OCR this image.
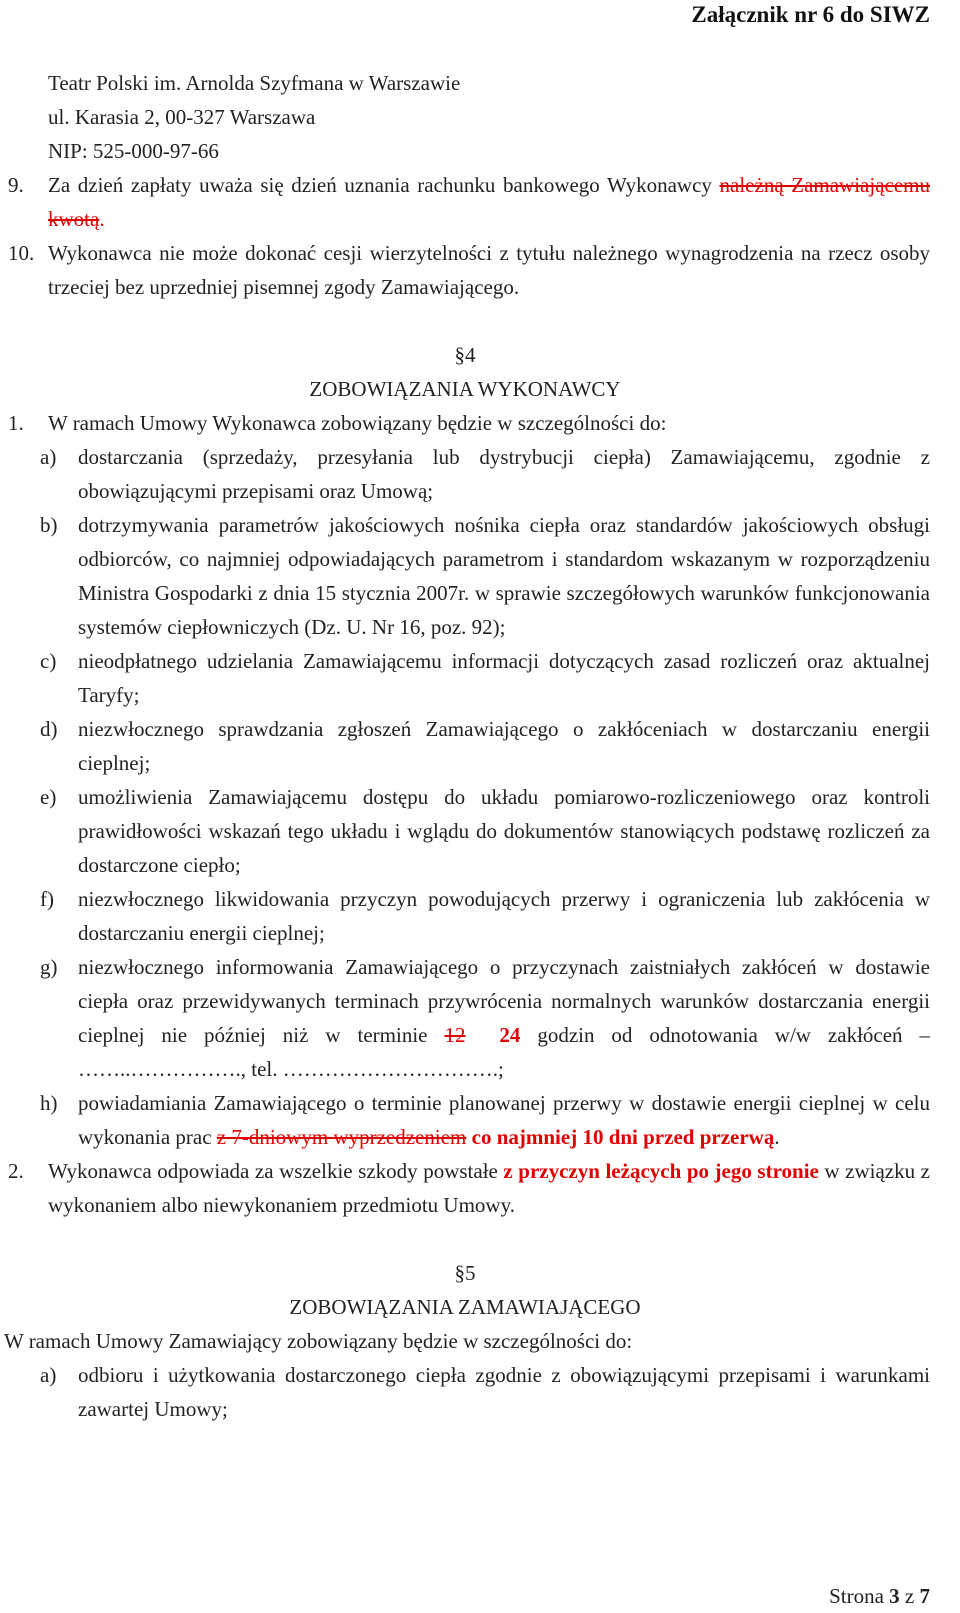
Załącznik nr 6 do SIWZ
Teatr Polski im. Arnolda Szyfmana w Warszawie
ul. Karasia 2, 00-327 Warszawa
NIP: 525-000-97-66
9. Za dzień zapłaty uważa się dzień uznania rachunku bankowego Wykonawcy należną Zamawiającemu kwotą.
10. Wykonawca nie może dokonać cesji wierzytelności z tytułu należnego wynagrodzenia na rzecz osoby trzeciej bez uprzedniej pisemnej zgody Zamawiającego.
§4
ZOBOWIĄZANIA WYKONAWCY
1. W ramach Umowy Wykonawca zobowiązany będzie w szczególności do:
a) dostarczania (sprzedaży, przesyłania lub dystrybucji ciepła) Zamawiającemu, zgodnie z obowiązującymi przepisami oraz Umową;
b) dotrzymywania parametrów jakościowych nośnika ciepła oraz standardów jakościowych obsługi odbiorców, co najmniej odpowiadających parametrom i standardom wskazanym w rozporządzeniu Ministra Gospodarki z dnia 15 stycznia 2007r. w sprawie szczegółowych warunków funkcjonowania systemów ciepłowniczych (Dz. U. Nr 16, poz. 92);
c) nieodpłatnego udzielania Zamawiającemu informacji dotyczących zasad rozliczeń oraz aktualnej Taryfy;
d) niezwłocznego sprawdzania zgłoszeń Zamawiającego o zakłóceniach w dostarczaniu energii cieplnej;
e) umożliwienia Zamawiającemu dostępu do układu pomiarowo-rozliczeniowego oraz kontroli prawidłowości wskazań tego układu i wglądu do dokumentów stanowiących podstawę rozliczeń za dostarczone ciepło;
f) niezwłocznego likwidowania przyczyn powodujących przerwy i ograniczenia lub zakłócenia w dostarczaniu energii cieplnej;
g) niezwłocznego informowania Zamawiającego o przyczynach zaistniałych zakłóceń w dostawie ciepła oraz przewidywanych terminach przywrócenia normalnych warunków dostarczania energii cieplnej nie później niż w terminie 12 24 godzin od odnotowania w/w zakłóceń – ……..……………., tel. ………………………….;
h) powiadamiania Zamawiającego o terminie planowanej przerwy w dostawie energii cieplnej w celu wykonania prac z 7-dniowym wyprzedzeniem co najmniej 10 dni przed przerwą.
2. Wykonawca odpowiada za wszelkie szkody powstałe z przyczyn leżących po jego stronie w związku z wykonaniem albo niewykonaniem przedmiotu Umowy.
§5
ZOBOWIĄZANIA ZAMAWIAJĄCEGO
W ramach Umowy Zamawiający zobowiązany będzie w szczególności do:
a) odbioru i użytkowania dostarczonego ciepła zgodnie z obowiązującymi przepisami i warunkami zawartej Umowy;
Strona 3 z 7
